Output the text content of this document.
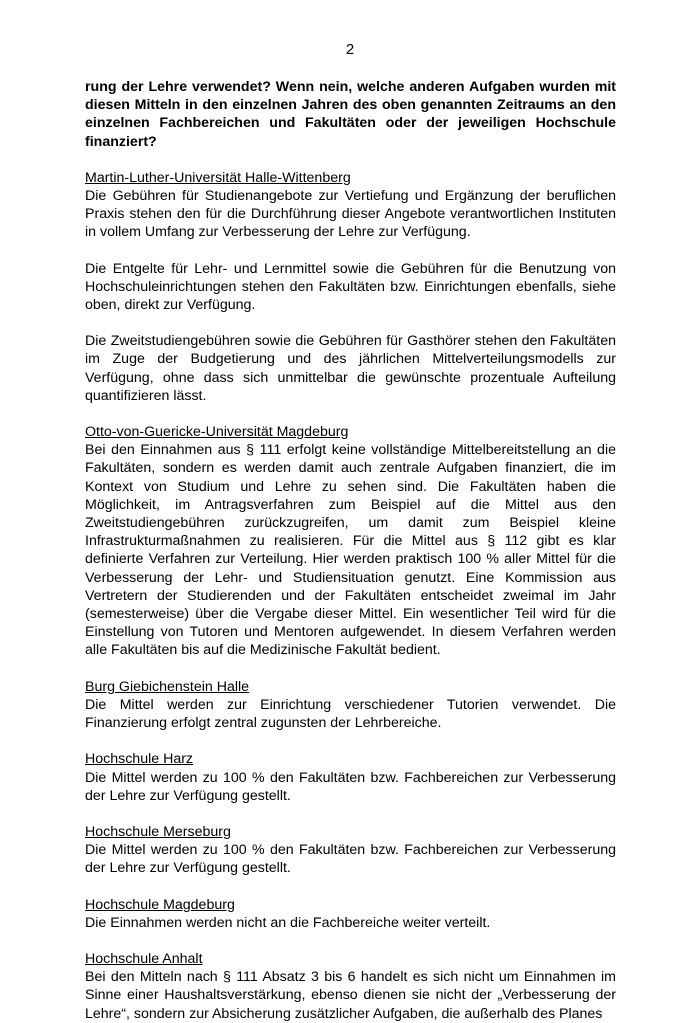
2

rung der Lehre verwendet? Wenn nein, welche anderen Aufgaben wurden mit diesen Mitteln in den einzelnen Jahren des oben genannten Zeitraums an den einzelnen Fachbereichen und Fakultäten oder der jeweiligen Hochschule finanziert?

Martin-Luther-Universität Halle-Wittenberg

Die Gebühren für Studienangebote zur Vertiefung und Ergänzung der beruflichen Praxis stehen den für die Durchführung dieser Angebote verantwortlichen Instituten in vollem Umfang zur Verbesserung der Lehre zur Verfügung.

Die Entgelte für Lehr- und Lernmittel sowie die Gebühren für die Benutzung von Hochschuleinrichtungen stehen den Fakultäten bzw. Einrichtungen ebenfalls, siehe oben, direkt zur Verfügung.

Die Zweitstudiengebühren sowie die Gebühren für Gasthörer stehen den Fakultäten im Zuge der Budgetierung und des jährlichen Mittelverteilungsmodells zur Verfügung, ohne dass sich unmittelbar die gewünschte prozentuale Aufteilung quantifizieren lässt.

Otto-von-Guericke-Universität Magdeburg

Bei den Einnahmen aus § 111 erfolgt keine vollständige Mittelbereitstellung an die Fakultäten, sondern es werden damit auch zentrale Aufgaben finanziert, die im Kontext von Studium und Lehre zu sehen sind. Die Fakultäten haben die Möglichkeit, im Antragsverfahren zum Beispiel auf die Mittel aus den Zweitstudiengebühren zurückzugreifen, um damit zum Beispiel kleine Infrastrukturmaßnahmen zu realisieren. Für die Mittel aus § 112 gibt es klar definierte Verfahren zur Verteilung. Hier werden praktisch 100 % aller Mittel für die Verbesserung der Lehr- und Studiensituation genutzt. Eine Kommission aus Vertretern der Studierenden und der Fakultäten entscheidet zweimal im Jahr (semesterweise) über die Vergabe dieser Mittel. Ein wesentlicher Teil wird für die Einstellung von Tutoren und Mentoren aufgewendet. In diesem Verfahren werden alle Fakultäten bis auf die Medizinische Fakultät bedient.

Burg Giebichenstein Halle

Die Mittel werden zur Einrichtung verschiedener Tutorien verwendet. Die Finanzierung erfolgt zentral zugunsten der Lehrbereiche.

Hochschule Harz

Die Mittel werden zu 100 % den Fakultäten bzw. Fachbereichen zur Verbesserung der Lehre zur Verfügung gestellt.

Hochschule Merseburg

Die Mittel werden zu 100 % den Fakultäten bzw. Fachbereichen zur Verbesserung der Lehre zur Verfügung gestellt.

Hochschule Magdeburg

Die Einnahmen werden nicht an die Fachbereiche weiter verteilt.

Hochschule Anhalt

Bei den Mitteln nach § 111 Absatz 3 bis 6 handelt es sich nicht um Einnahmen im Sinne einer Haushaltsverstärkung, ebenso dienen sie nicht der „Verbesserung der Lehre“, sondern zur Absicherung zusätzlicher Aufgaben, die außerhalb des Planes
